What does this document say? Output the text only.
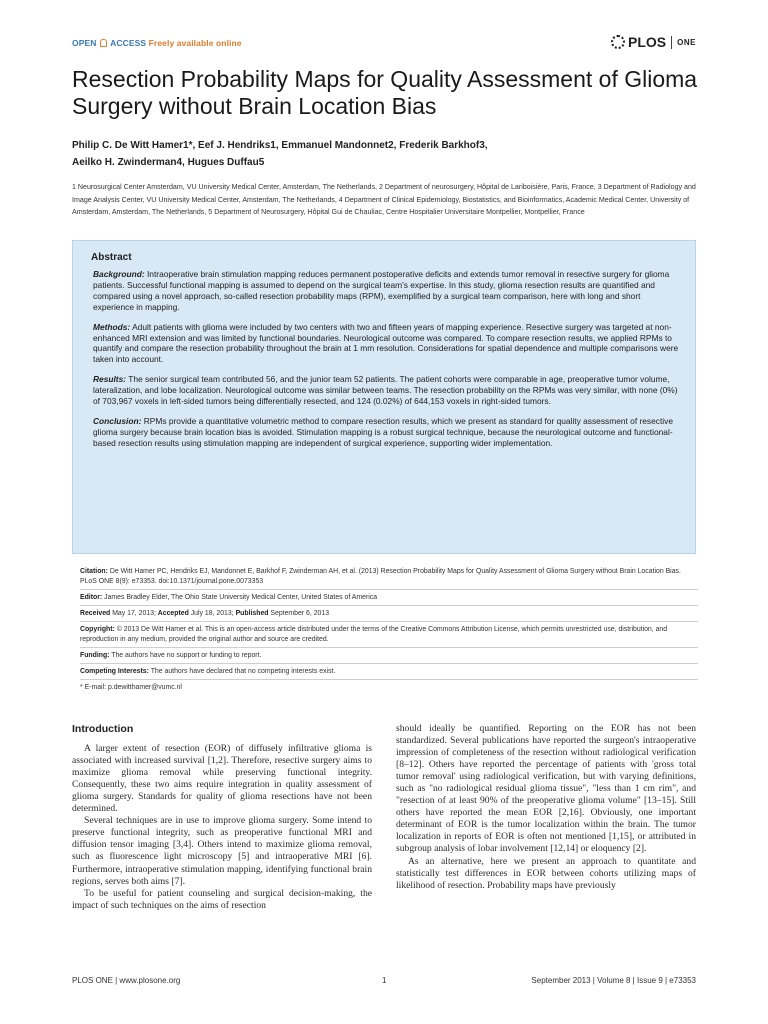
OPEN ACCESS Freely available online	PLOS ONE
Resection Probability Maps for Quality Assessment of Glioma Surgery without Brain Location Bias
Philip C. De Witt Hamer1*, Eef J. Hendriks1, Emmanuel Mandonnet2, Frederik Barkhof3,
Aeilko H. Zwinderman4, Hugues Duffau5
1 Neurosurgical Center Amsterdam, VU University Medical Center, Amsterdam, The Netherlands, 2 Department of neurosurgery, Hôpital de Lariboisière, Paris, France, 3 Department of Radiology and Image Analysis Center, VU University Medical Center, Amsterdam, The Netherlands, 4 Department of Clinical Epidemiology, Biostatistics, and Bioinformatics, Academic Medical Center, University of Amsterdam, Amsterdam, The Netherlands, 5 Department of Neurosurgery, Hôpital Gui de Chauliac, Centre Hospitalier Universitaire Montpellier, Montpellier, France
Abstract

Background: Intraoperative brain stimulation mapping reduces permanent postoperative deficits and extends tumor removal in resective surgery for glioma patients. Successful functional mapping is assumed to depend on the surgical team's expertise. In this study, glioma resection results are quantified and compared using a novel approach, so-called resection probability maps (RPM), exemplified by a surgical team comparison, here with long and short experience in mapping.

Methods: Adult patients with glioma were included by two centers with two and fifteen years of mapping experience. Resective surgery was targeted at non-enhanced MRI extension and was limited by functional boundaries. Neurological outcome was compared. To compare resection results, we applied RPMs to quantify and compare the resection probability throughout the brain at 1 mm resolution. Considerations for spatial dependence and multiple comparisons were taken into account.

Results: The senior surgical team contributed 56, and the junior team 52 patients. The patient cohorts were comparable in age, preoperative tumor volume, lateralization, and lobe localization. Neurological outcome was similar between teams. The resection probability on the RPMs was very similar, with none (0%) of 703,967 voxels in left-sided tumors being differentially resected, and 124 (0.02%) of 644,153 voxels in right-sided tumors.

Conclusion: RPMs provide a quantitative volumetric method to compare resection results, which we present as standard for quality assessment of resective glioma surgery because brain location bias is avoided. Stimulation mapping is a robust surgical technique, because the neurological outcome and functional-based resection results using stimulation mapping are independent of surgical experience, supporting wider implementation.

Citation: De Witt Hamer PC, Hendriks EJ, Mandonnet E, Barkhof F, Zwinderman AH, et al. (2013) Resection Probability Maps for Quality Assessment of Glioma Surgery without Brain Location Bias. PLoS ONE 8(9): e73353. doi:10.1371/journal.pone.0073353

Editor: James Bradley Elder, The Ohio State University Medical Center, United States of America

Received May 17, 2013; Accepted July 18, 2013; Published September 6, 2013

Copyright: © 2013 De Witt Hamer et al. This is an open-access article distributed under the terms of the Creative Commons Attribution License, which permits unrestricted use, distribution, and reproduction in any medium, provided the original author and source are credited.

Funding: The authors have no support or funding to report.

Competing Interests: The authors have declared that no competing interests exist.

* E-mail: p.dewitthamer@vumc.nl

Introduction

A larger extent of resection (EOR) of diffusely infiltrative glioma is associated with increased survival [1,2]. Therefore, resective surgery aims to maximize glioma removal while preserving functional integrity. Consequently, these two aims require integration in quality assessment of glioma surgery. Standards for quality of glioma resections have not been determined.

Several techniques are in use to improve glioma surgery. Some intend to preserve functional integrity, such as preoperative functional MRI and diffusion tensor imaging [3,4]. Others intend to maximize glioma removal, such as fluorescence light microscopy [5] and intraoperative MRI [6]. Furthermore, intraoperative stimulation mapping, identifying functional brain regions, serves both aims [7].

To be useful for patient counseling and surgical decision-making, the impact of such techniques on the aims of resection

should ideally be quantified. Reporting on the EOR has not been standardized. Several publications have reported the surgeon's intraoperative impression of completeness of the resection without radiological verification [8–12]. Others have reported the percentage of patients with 'gross total tumor removal' using radiological verification, but with varying definitions, such as "no radiological residual glioma tissue", "less than 1 cm rim", and "resection of at least 90% of the preoperative glioma volume" [13–15]. Still others have reported the mean EOR [2,16]. Obviously, one important determinant of EOR is the tumor localization within the brain. The tumor localization in reports of EOR is often not mentioned [1,15], or attributed in subgroup analysis of lobar involvement [12,14] or eloquency [2].

As an alternative, here we present an approach to quantitate and statistically test differences in EOR between cohorts utilizing maps of likelihood of resection. Probability maps have previously

PLOS ONE | www.plosone.org	1	September 2013 | Volume 8 | Issue 9 | e73353
